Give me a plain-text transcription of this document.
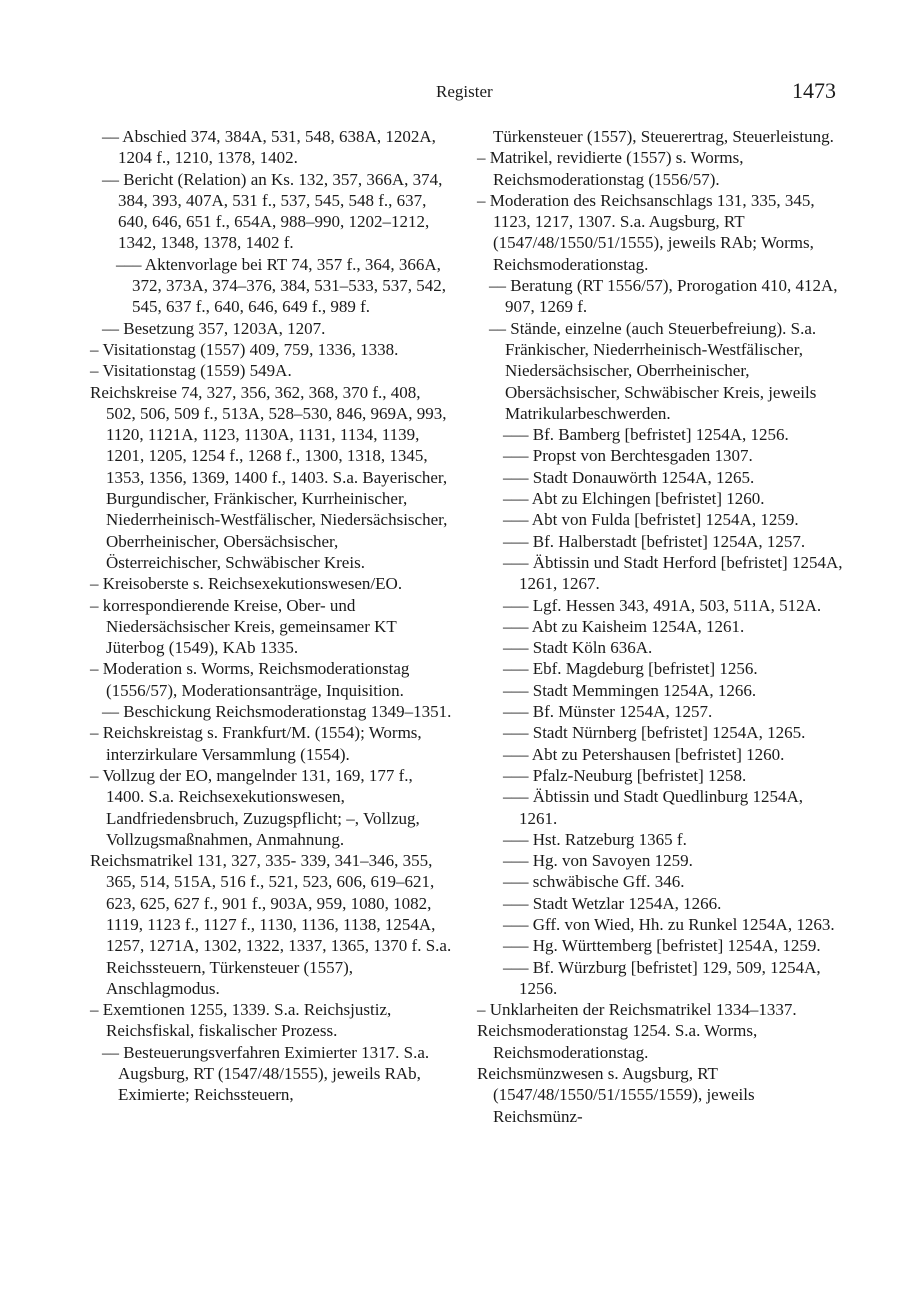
Register	1473

–– Abschied 374, 384A, 531, 548, 638A, 1202A, 1204 f., 1210, 1378, 1402.

–– Bericht (Relation) an Ks. 132, 357, 366A, 374, 384, 393, 407A, 531 f., 537, 545, 548 f., 637, 640, 646, 651 f., 654A, 988–990, 1202–1212, 1342, 1348, 1378, 1402 f.

––– Aktenvorlage bei RT 74, 357 f., 364, 366A, 372, 373A, 374–376, 384, 531–533, 537, 542, 545, 637 f., 640, 646, 649 f., 989 f.

–– Besetzung 357, 1203A, 1207.

– Visitationstag (1557) 409, 759, 1336, 1338.

– Visitationstag (1559) 549A.

Reichskreise 74, 327, 356, 362, 368, 370 f., 408, 502, 506, 509 f., 513A, 528–530, 846, 969A, 993, 1120, 1121A, 1123, 1130A, 1131, 1134, 1139, 1201, 1205, 1254 f., 1268 f., 1300, 1318, 1345, 1353, 1356, 1369, 1400 f., 1403. S.a. Bayerischer, Burgundischer, Fränkischer, Kurrheinischer, Niederrheinisch-Westfälischer, Niedersächsischer, Oberrheinischer, Obersächsischer, Österreichischer, Schwäbischer Kreis.

– Kreisoberste s. Reichsexekutionswesen/EO.

– korrespondierende Kreise, Ober- und Niedersächsischer Kreis, gemeinsamer KT Jüterbog (1549), KAb 1335.

– Moderation s. Worms, Reichsmoderationstag (1556/57), Moderationsanträge, Inquisition.

–– Beschickung Reichsmoderationstag 1349–1351.

– Reichskreistag s. Frankfurt/M. (1554); Worms, interzirkulare Versammlung (1554).

– Vollzug der EO, mangelnder 131, 169, 177 f., 1400. S.a. Reichsexekutionswesen, Landfriedensbruch, Zuzugspflicht; –, Vollzug, Vollzugsmaßnahmen, Anmahnung.

Reichsmatrikel 131, 327, 335- 339, 341–346, 355, 365, 514, 515A, 516 f., 521, 523, 606, 619–621, 623, 625, 627 f., 901 f., 903A, 959, 1080, 1082, 1119, 1123 f., 1127 f., 1130, 1136, 1138, 1254A, 1257, 1271A, 1302, 1322, 1337, 1365, 1370 f. S.a. Reichssteuern, Türkensteuer (1557), Anschlagmodus.

– Exemtionen 1255, 1339. S.a. Reichsjustiz, Reichsfiskal, fiskalischer Prozess.

–– Besteuerungsverfahren Eximierter 1317. S.a. Augsburg, RT (1547/48/1555), jeweils RAb, Eximierte; Reichssteuern,

Türkensteuer (1557), Steuerertrag, Steuerleistung.

– Matrikel, revidierte (1557) s. Worms, Reichsmoderationstag (1556/57).

– Moderation des Reichsanschlags 131, 335, 345, 1123, 1217, 1307. S.a. Augsburg, RT (1547/48/1550/51/1555), jeweils RAb; Worms, Reichsmoderationstag.

–– Beratung (RT 1556/57), Prorogation 410, 412A, 907, 1269 f.

–– Stände, einzelne (auch Steuerbefreiung). S.a. Fränkischer, Niederrheinisch-Westfälischer, Niedersächsischer, Oberrheinischer, Obersächsischer, Schwäbischer Kreis, jeweils Matrikularbeschwerden.

––– Bf. Bamberg [befristet] 1254A, 1256.

––– Propst von Berchtesgaden 1307.

––– Stadt Donauwörth 1254A, 1265.

––– Abt zu Elchingen [befristet] 1260.

––– Abt von Fulda [befristet] 1254A, 1259.

––– Bf. Halberstadt [befristet] 1254A, 1257.

––– Äbtissin und Stadt Herford [befristet] 1254A, 1261, 1267.

––– Lgf. Hessen 343, 491A, 503, 511A, 512A.

––– Abt zu Kaisheim 1254A, 1261.

––– Stadt Köln 636A.

––– Ebf. Magdeburg [befristet] 1256.

––– Stadt Memmingen 1254A, 1266.

––– Bf. Münster 1254A, 1257.

––– Stadt Nürnberg [befristet] 1254A, 1265.

––– Abt zu Petershausen [befristet] 1260.

––– Pfalz-Neuburg [befristet] 1258.

––– Äbtissin und Stadt Quedlinburg 1254A, 1261.

––– Hst. Ratzeburg 1365 f.

––– Hg. von Savoyen 1259.

––– schwäbische Gff. 346.

––– Stadt Wetzlar 1254A, 1266.

––– Gff. von Wied, Hh. zu Runkel 1254A, 1263.

––– Hg. Württemberg [befristet] 1254A, 1259.

––– Bf. Würzburg [befristet] 129, 509, 1254A, 1256.

– Unklarheiten der Reichsmatrikel 1334–1337.

Reichsmoderationstag 1254. S.a. Worms, Reichsmoderationstag.

Reichsmünzwesen s. Augsburg, RT (1547/48/1550/51/1555/1559), jeweils Reichsmünz-
